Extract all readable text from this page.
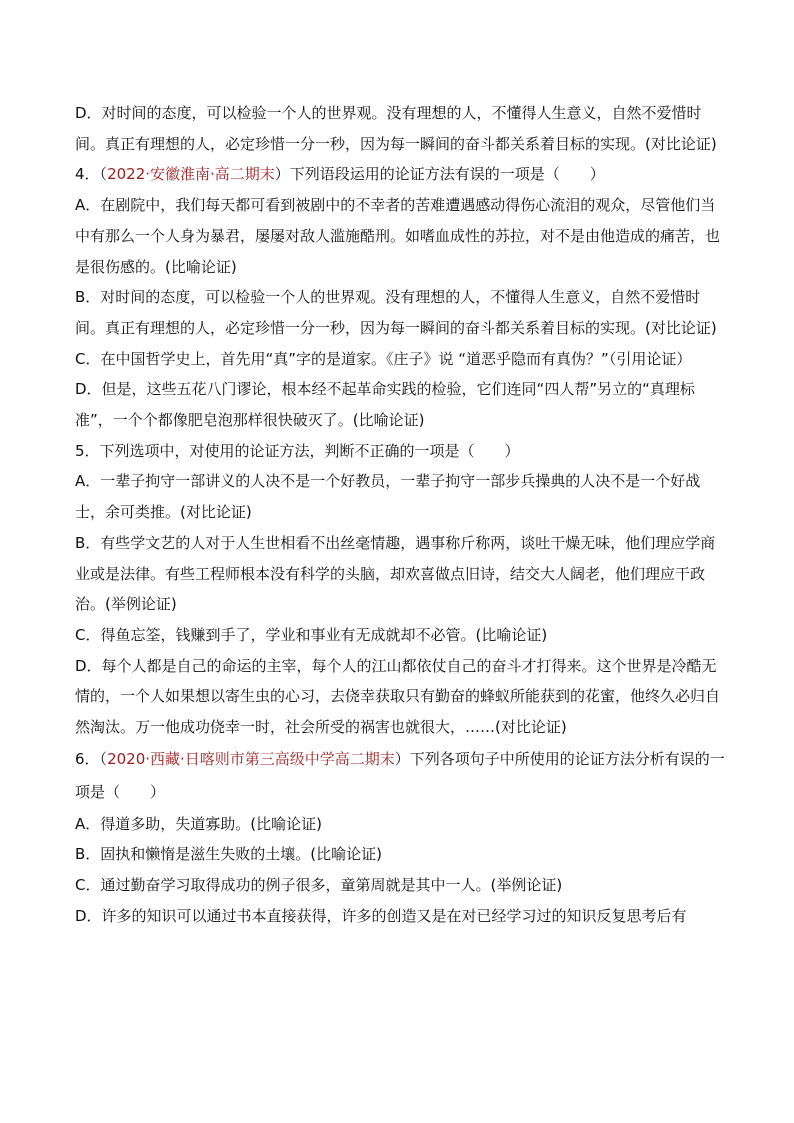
D．对时间的态度，可以检验一个人的世界观。没有理想的人，不懂得人生意义，自然不爱惜时间。真正有理想的人，必定珍惜一分一秒，因为每一瞬间的奋斗都关系着目标的实现。(对比论证)

4．（2022·安徽淮南·高二期末）下列语段运用的论证方法有误的一项是（　　）

A．在剧院中，我们每天都可看到被剧中的不幸者的苦难遭遇感动得伤心流泪的观众，尽管他们当中有那么一个人身为暴君，屡屡对敌人滥施酷刑。如嗜血成性的苏拉，对不是由他造成的痛苦，也是很伤感的。(比喻论证)

B．对时间的态度，可以检验一个人的世界观。没有理想的人，不懂得人生意义，自然不爱惜时间。真正有理想的人，必定珍惜一分一秒，因为每一瞬间的奋斗都关系着目标的实现。(对比论证)

C．在中国哲学史上，首先用“真”字的是道家。《庄子》说 “道恶乎隐而有真伪？”（引用论证）

D．但是，这些五花八门谬论，根本经不起革命实践的检验，它们连同“四人帮”另立的“真理标准”，一个个都像肥皂泡那样很快破灭了。(比喻论证)

5．下列选项中，对使用的论证方法，判断不正确的一项是（　　）

A．一辈子拘守一部讲义的人决不是一个好教员，一辈子拘守一部步兵操典的人决不是一个好战士，余可类推。(对比论证)

B．有些学文艺的人对于人生世相看不出丝毫情趣，遇事称斤称两，谈吐干燥无味，他们理应学商业或是法律。有些工程师根本没有科学的头脑，却欢喜做点旧诗，结交大人阔老，他们理应干政治。(举例论证)

C．得鱼忘筌，钱赚到手了，学业和事业有无成就却不必管。(比喻论证)

D．每个人都是自己的命运的主宰，每个人的江山都依仗自己的奋斗才打得来。这个世界是冷酷无情的，一个人如果想以寄生虫的心习，去侥幸获取只有勤奋的蜂蚁所能获到的花蜜，他终久必归自然淘汰。万一他成功侥幸一时，社会所受的祸害也就很大，……(对比论证)

6．（2020·西藏·日喀则市第三高级中学高二期末）下列各项句子中所使用的论证方法分析有误的一项是（　　）

A．得道多助，失道寡助。(比喻论证)

B．固执和懒惰是滋生失败的土壤。(比喻论证)

C．通过勤奋学习取得成功的例子很多，童第周就是其中一人。(举例论证)

D．许多的知识可以通过书本直接获得，许多的创造又是在对已经学习过的知识反复思考后有
